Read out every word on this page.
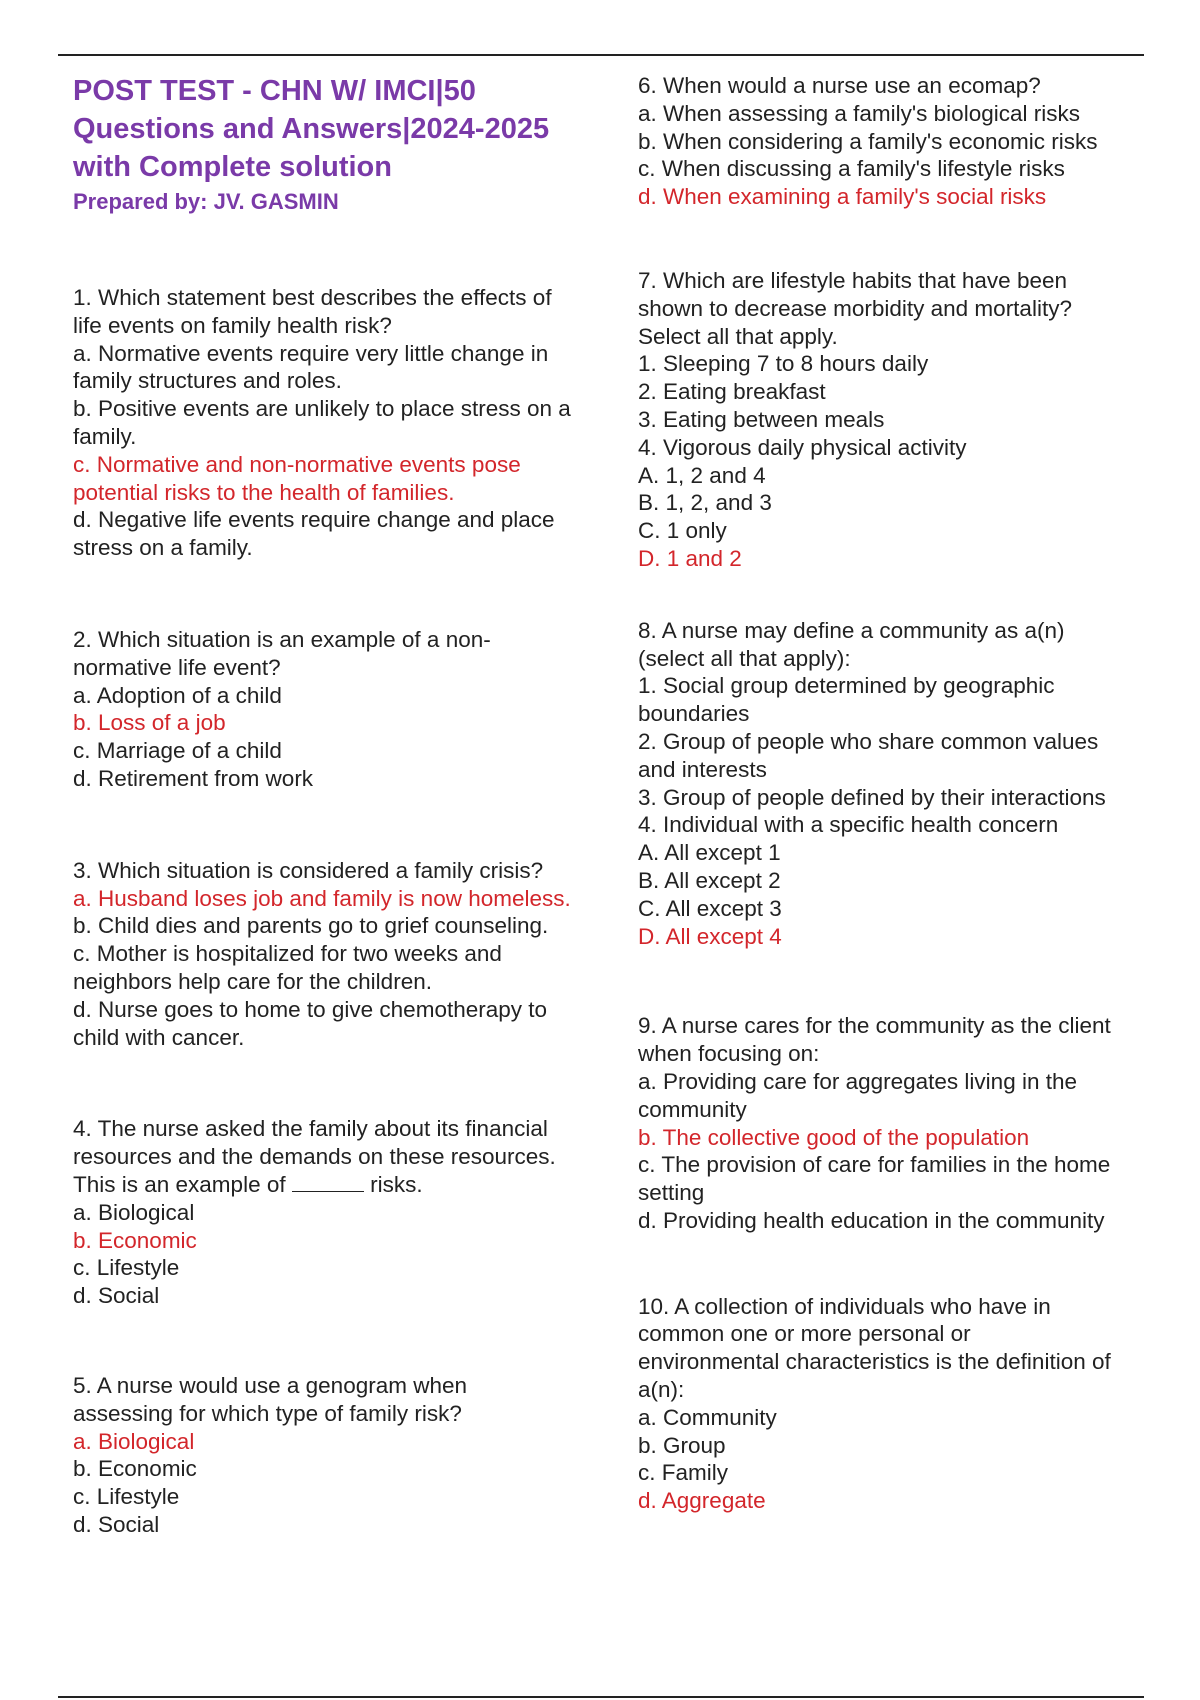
POST TEST - CHN W/ IMCI|50 Questions and Answers|2024-2025 with Complete solution

Prepared by: JV. GASMIN

1. Which statement best describes the effects of life events on family health risk?
a. Normative events require very little change in family structures and roles.
b. Positive events are unlikely to place stress on a family.
c. Normative and non-normative events pose potential risks to the health of families.
d. Negative life events require change and place stress on a family.
2. Which situation is an example of a non-normative life event?
a. Adoption of a child
b. Loss of a job
c. Marriage of a child
d. Retirement from work
3. Which situation is considered a family crisis?
a. Husband loses job and family is now homeless.
b. Child dies and parents go to grief counseling.
c. Mother is hospitalized for two weeks and neighbors help care for the children.
d. Nurse goes to home to give chemotherapy to child with cancer.
4. The nurse asked the family about its financial resources and the demands on these resources. This is an example of	risks.
a. Biological
b. Economic
c. Lifestyle
d. Social
5. A nurse would use a genogram when assessing for which type of family risk?
a. Biological
b. Economic
c. Lifestyle
d. Social
6. When would a nurse use an ecomap?
a. When assessing a family's biological risks
b. When considering a family's economic risks
c. When discussing a family's lifestyle risks
d. When examining a family's social risks
7. Which are lifestyle habits that have been shown to decrease morbidity and mortality? Select all that apply.
1. Sleeping 7 to 8 hours daily
2. Eating breakfast
3. Eating between meals
4. Vigorous daily physical activity
A. 1, 2 and 4
B. 1, 2, and 3
C. 1 only
D. 1 and 2
8. A nurse may define a community as a(n) (select all that apply):
1. Social group determined by geographic boundaries
2. Group of people who share common values and interests
3. Group of people defined by their interactions
4. Individual with a specific health concern
A. All except 1
B. All except 2
C. All except 3
D. All except 4
9. A nurse cares for the community as the client when focusing on:
a. Providing care for aggregates living in the community
b. The collective good of the population
c. The provision of care for families in the home setting
d. Providing health education in the community
10. A collection of individuals who have in common one or more personal or environmental characteristics is the definition of a(n):
a. Community
b. Group
c. Family
d. Aggregate
